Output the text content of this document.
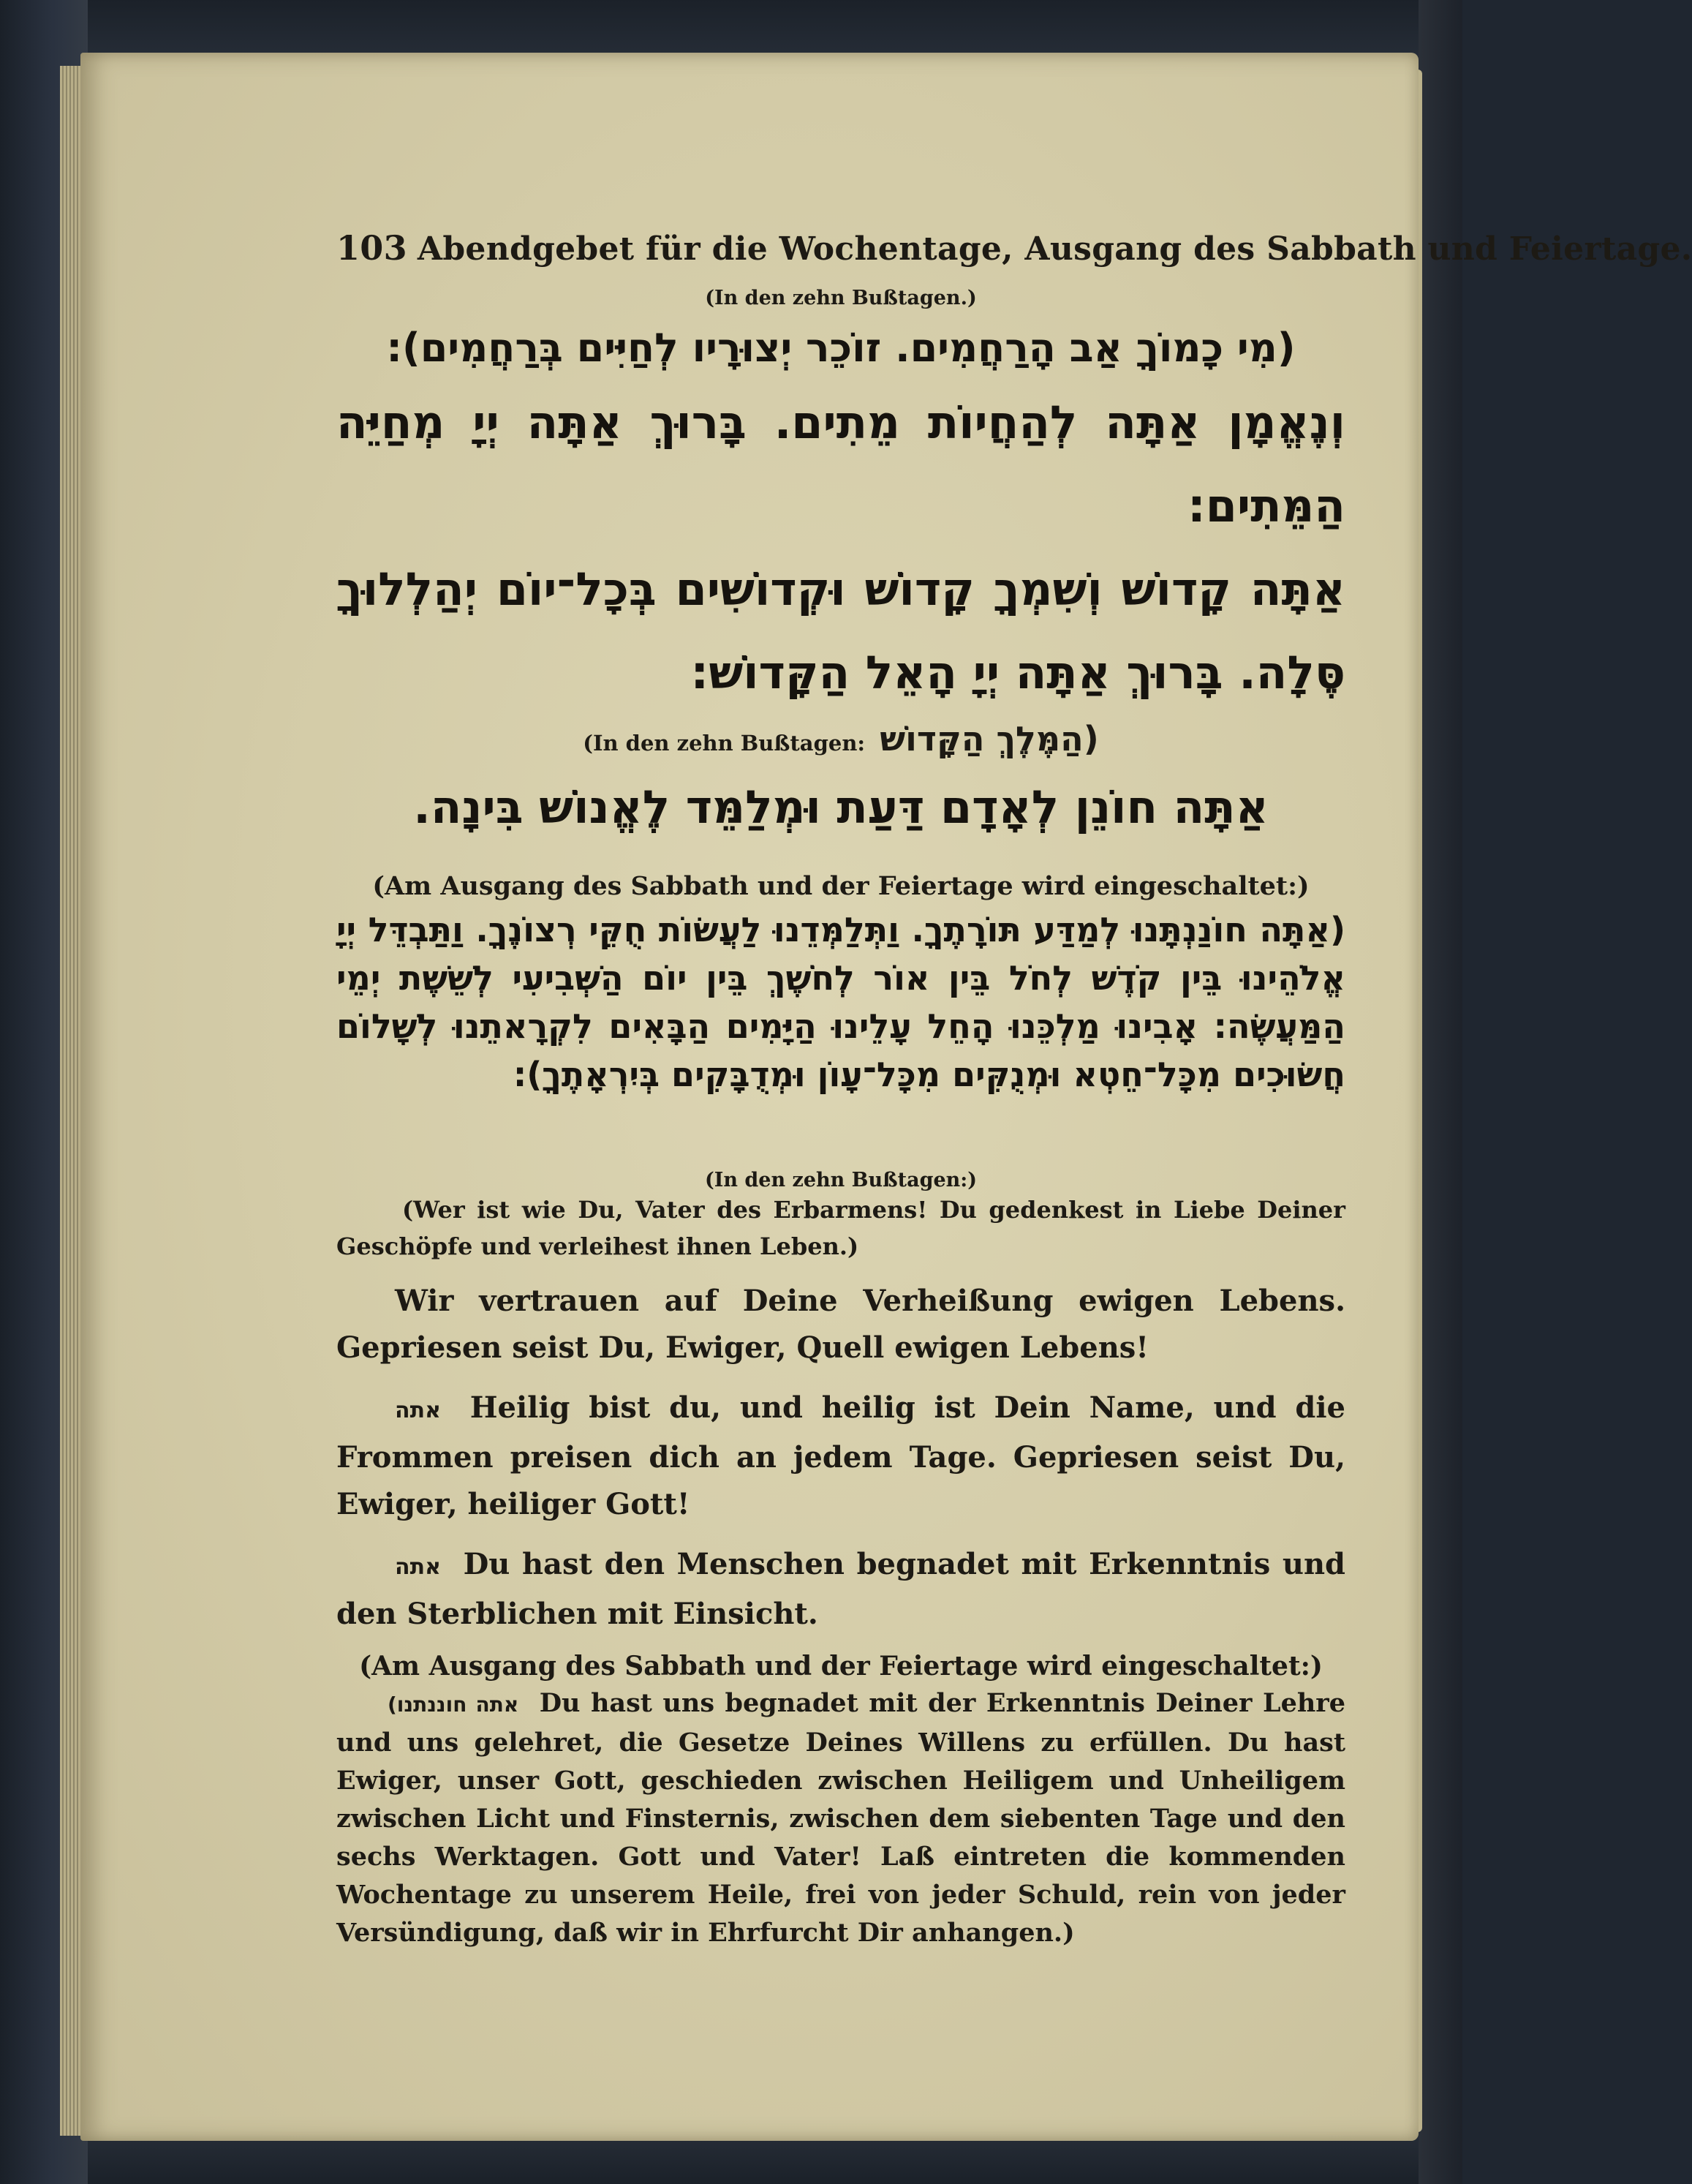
103 Abendgebet für die Wochentage, Ausgang des Sabbath und Feiertage.
(In den zehn Bußtagen.)
(מִי כָמוֹךָ אַב הָרַחֲמִים. זוֹכֵר יְצוּרָיו לְחַיִּים בְּרַחֲמִים):
וְנֶאֱמָן אַתָּה לְהַחֲיוֹת מֵתִים. בָּרוּךְ אַתָּה יְיָ מְחַיֵּה הַמֵּתִים:
אַתָּה קָדוֹשׁ וְשִׁמְךָ קָדוֹשׁ וּקְדוֹשִׁים בְּכָל־יוֹם יְהַלְלוּךָ סֶּלָה. בָּרוּךְ אַתָּה יְיָ הָאֵל הַקָּדוֹשׁ:
(In den zehn Bußtagen: הַמֶּלֶךְ הַקָּדוֹשׁ)
אַתָּה חוֹנֵן לְאָדָם דַּעַת וּמְלַמֵּד לֶאֱנוֹשׁ בִּינָה.
(Am Ausgang des Sabbath und der Feiertage wird eingeschaltet:)
(אַתָּה חוֹנַנְתָּנוּ לְמַדַּע תּוֹרָתֶךָ. וַתְּלַמְּדֵנוּ לַעֲשׂוֹת חֻקֵּי רְצוֹנֶךָ. וַתַּבְדֵּל יְיָ אֱלֹהֵינוּ בֵּין קֹדֶשׁ לְחֹל בֵּין אוֹר לְחֹשֶׁךְ בֵּין יוֹם הַשְּׁבִיעִי לְשֵׁשֶׁת יְמֵי הַמַּעֲשֶׂה: אָבִינוּ מַלְכֵּנוּ הָחֵל עָלֵינוּ הַיָּמִים הַבָּאִים לִקְרָאתֵנוּ לְשָׁלוֹם חֲשׂוּכִים מִכָּל־חֵטְא וּמְנֻקִּים מִכָּל־עָוֹן וּמְדֻבָּקִים בְּיִרְאָתֶךָ):
(In den zehn Bußtagen:)
(Wer ist wie Du, Vater des Erbarmens! Du gedenkest in Liebe Deiner Geschöpfe und verleihest ihnen Leben.)
Wir vertrauen auf Deine Verheißung ewigen Lebens. Gepriesen seist Du, Ewiger, Quell ewigen Lebens!
אתה Heilig bist du, und heilig ist Dein Name, und die Frommen preisen dich an jedem Tage. Gepriesen seist Du, Ewiger, heiliger Gott!
אתה Du hast den Menschen begnadet mit Erkenntnis und den Sterblichen mit Einsicht.
(Am Ausgang des Sabbath und der Feiertage wird eingeschaltet:)
(אתה חוננתנו Du hast uns begnadet mit der Erkenntnis Deiner Lehre und uns gelehret, die Gesetze Deines Willens zu erfüllen. Du hast Ewiger, unser Gott, geschieden zwischen Heiligem und Unheiligem zwischen Licht und Finsternis, zwischen dem siebenten Tage und den sechs Werktagen. Gott und Vater! Laß eintreten die kommenden Wochentage zu unserem Heile, frei von jeder Schuld, rein von jeder Versündigung, daß wir in Ehrfurcht Dir anhangen.)
